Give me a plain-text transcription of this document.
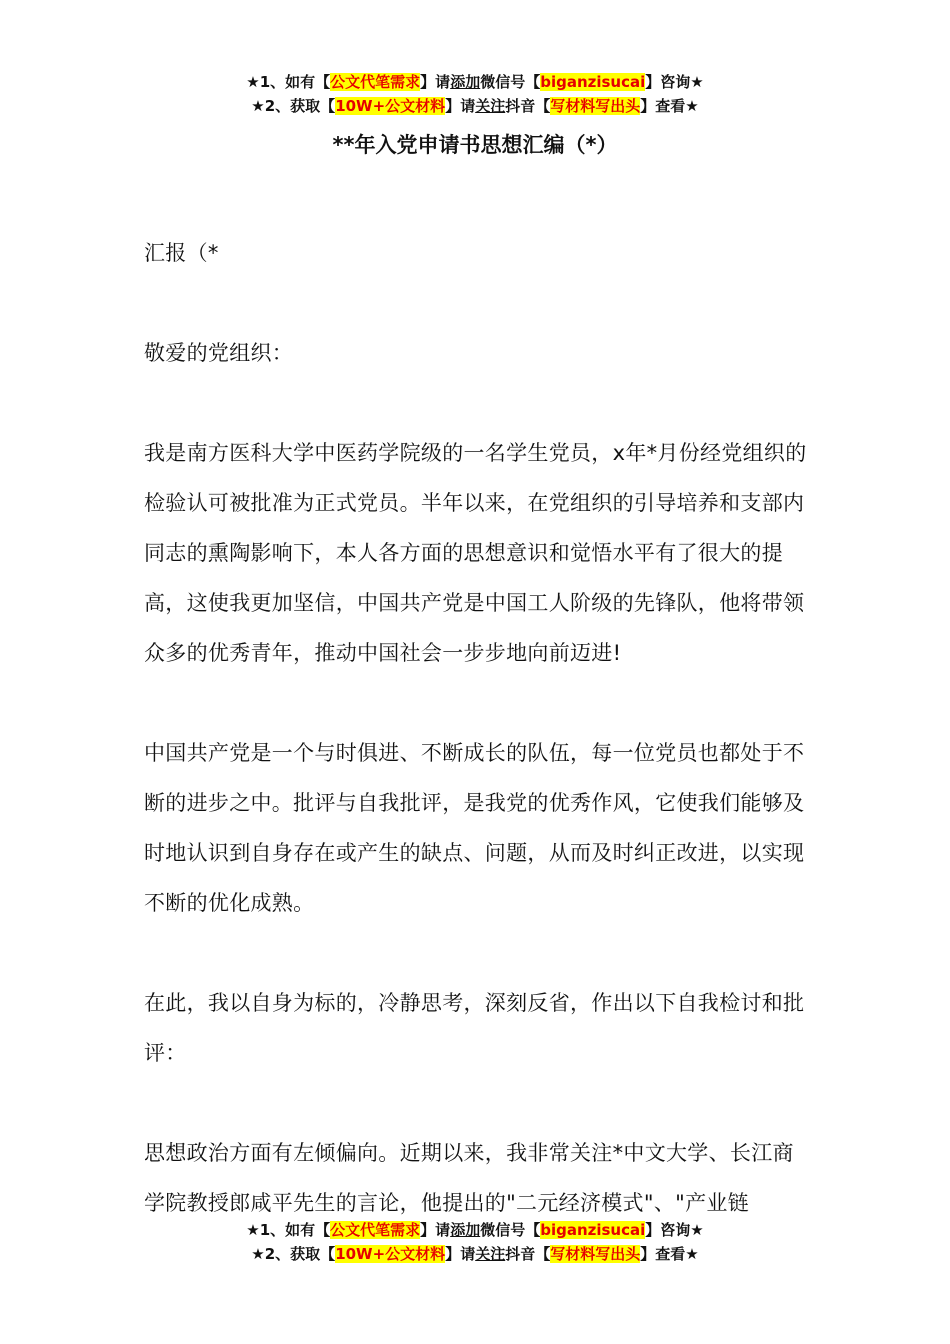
★1、如有【公文代笔需求】请添加微信号【biganzisucai】咨询★
★2、获取【10W+公文材料】请关注抖音【写材料写出头】查看★
**年入党申请书思想汇编（*）

汇报（*

敬爱的党组织：

我是南方医科大学中医药学院级的一名学生党员，x年*月份经党组织的检验认可被批准为正式党员。半年以来，在党组织的引导培养和支部内同志的熏陶影响下，本人各方面的思想意识和觉悟水平有了很大的提高，这使我更加坚信，中国共产党是中国工人阶级的先锋队，他将带领众多的优秀青年，推动中国社会一步步地向前迈进!

中国共产党是一个与时俱进、不断成长的队伍，每一位党员也都处于不断的进步之中。批评与自我批评，是我党的优秀作风，它使我们能够及时地认识到自身存在或产生的缺点、问题，从而及时纠正改进，以实现不断的优化成熟。

在此，我以自身为标的，冷静思考，深刻反省，作出以下自我检讨和批评：

思想政治方面有左倾偏向。近期以来，我非常关注*中文大学、长江商学院教授郎咸平先生的言论，他提出的"二元经济模式"、"产业链

★1、如有【公文代笔需求】请添加微信号【biganzisucai】咨询★
★2、获取【10W+公文材料】请关注抖音【写材料写出头】查看★
